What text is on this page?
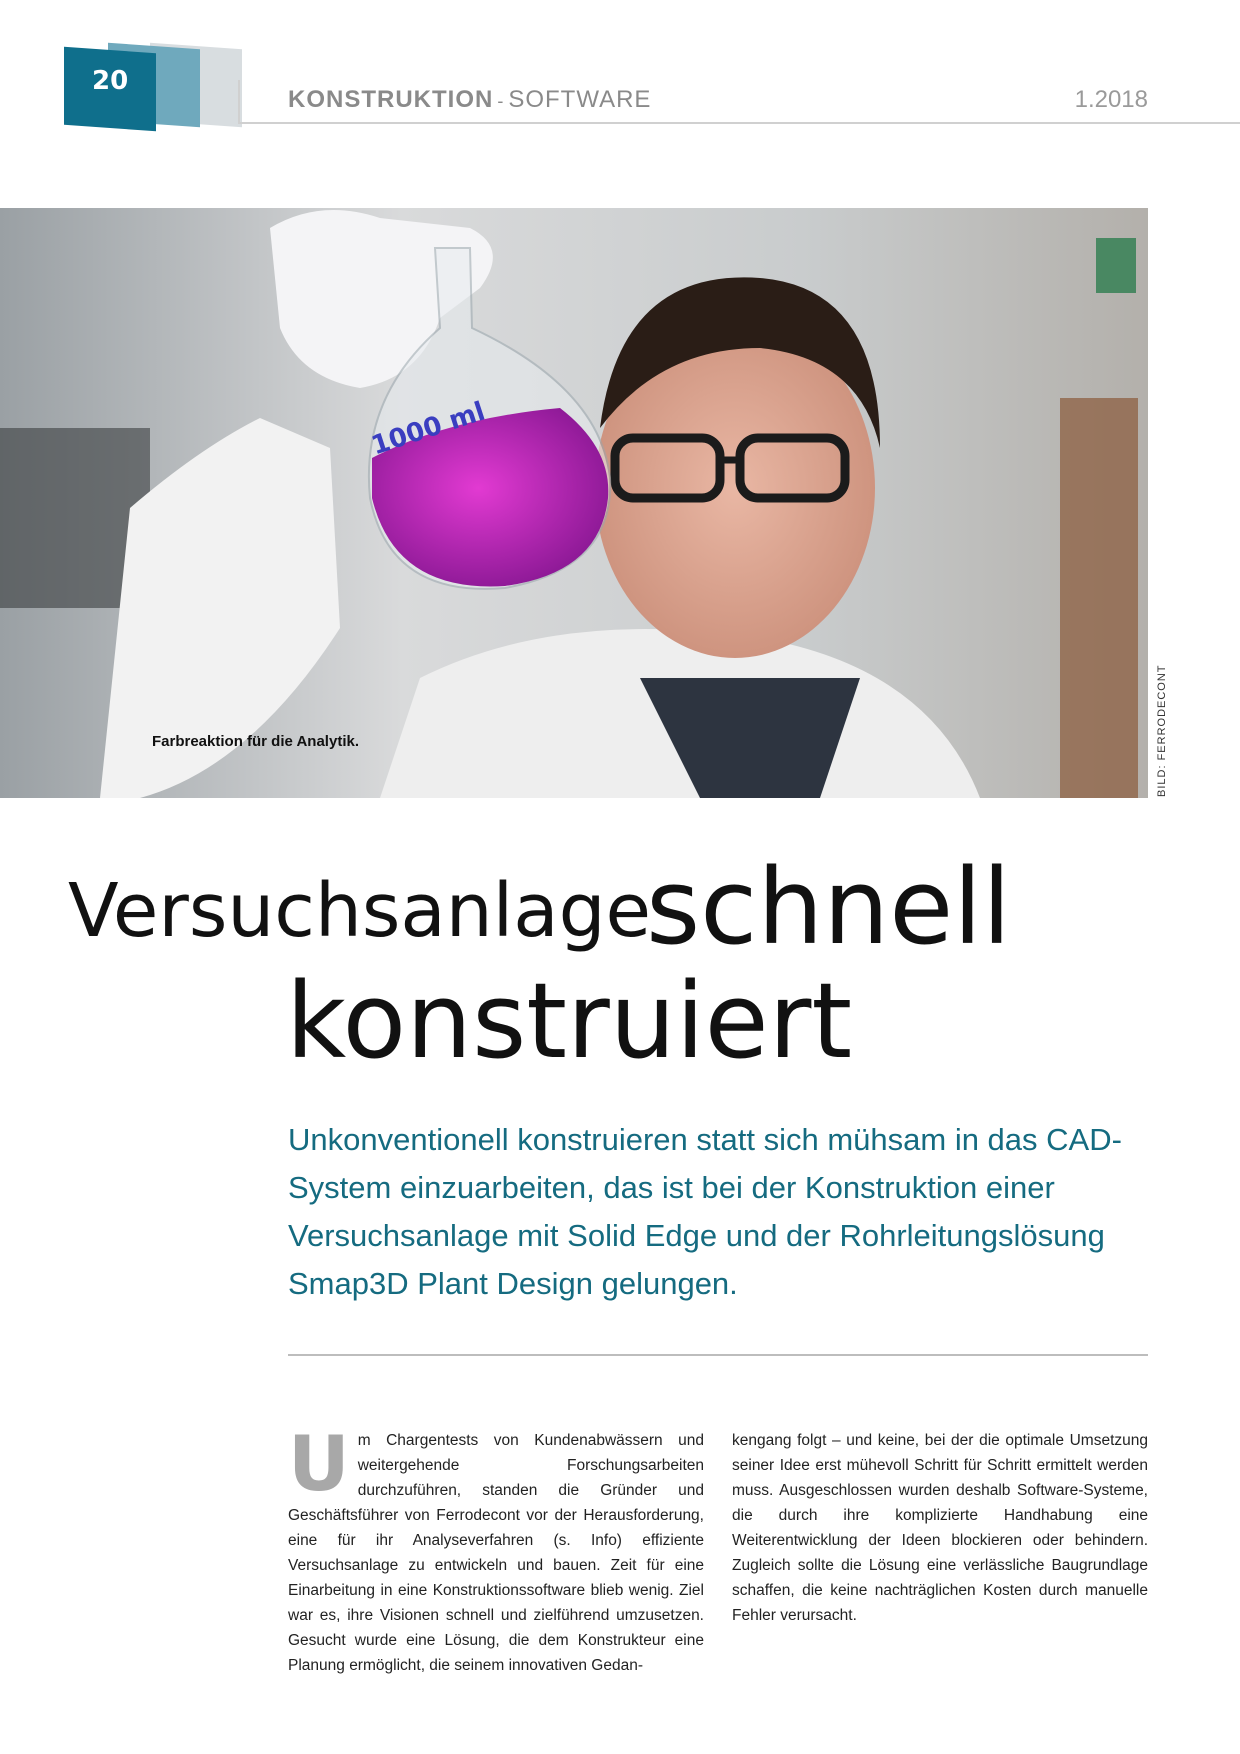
20
KONSTRUKTION - SOFTWARE	1.2018
1000 ml
Farbreaktion für die Analytik.	BILD: FERRODECONT
Versuchsanlage
schnell
konstruiert
Unkonventionell konstruieren statt sich mühsam in das CAD-System einzuarbeiten, das ist bei der Konstruktion einer Versuchsanlage mit Solid Edge und der Rohrleitungslösung Smap3D Plant Design gelungen.
Um Chargentests von Kundenabwässern und weitergehende Forschungsarbeiten durchzuführen, standen die Gründer und Geschäftsführer von Ferrodecont vor der Herausforderung, eine für ihr Analyseverfahren (s. Info) effiziente Versuchsanlage zu entwickeln und bauen. Zeit für eine Einarbeitung in eine Konstruktionssoftware blieb wenig. Ziel war es, ihre Visionen schnell und zielführend umzusetzen. Gesucht wurde eine Lösung, die dem Konstrukteur eine Planung ermöglicht, die seinem innovativen Gedan-
kengang folgt – und keine, bei der die optimale Umsetzung seiner Idee erst mühevoll Schritt für Schritt ermittelt werden muss. Ausgeschlossen wurden deshalb Software-Systeme, die durch ihre komplizierte Handhabung eine Weiterentwicklung der Ideen blockieren oder behindern. Zugleich sollte die Lösung eine verlässliche Baugrundlage schaffen, die keine nachträglichen Kosten durch manuelle Fehler verursacht.
